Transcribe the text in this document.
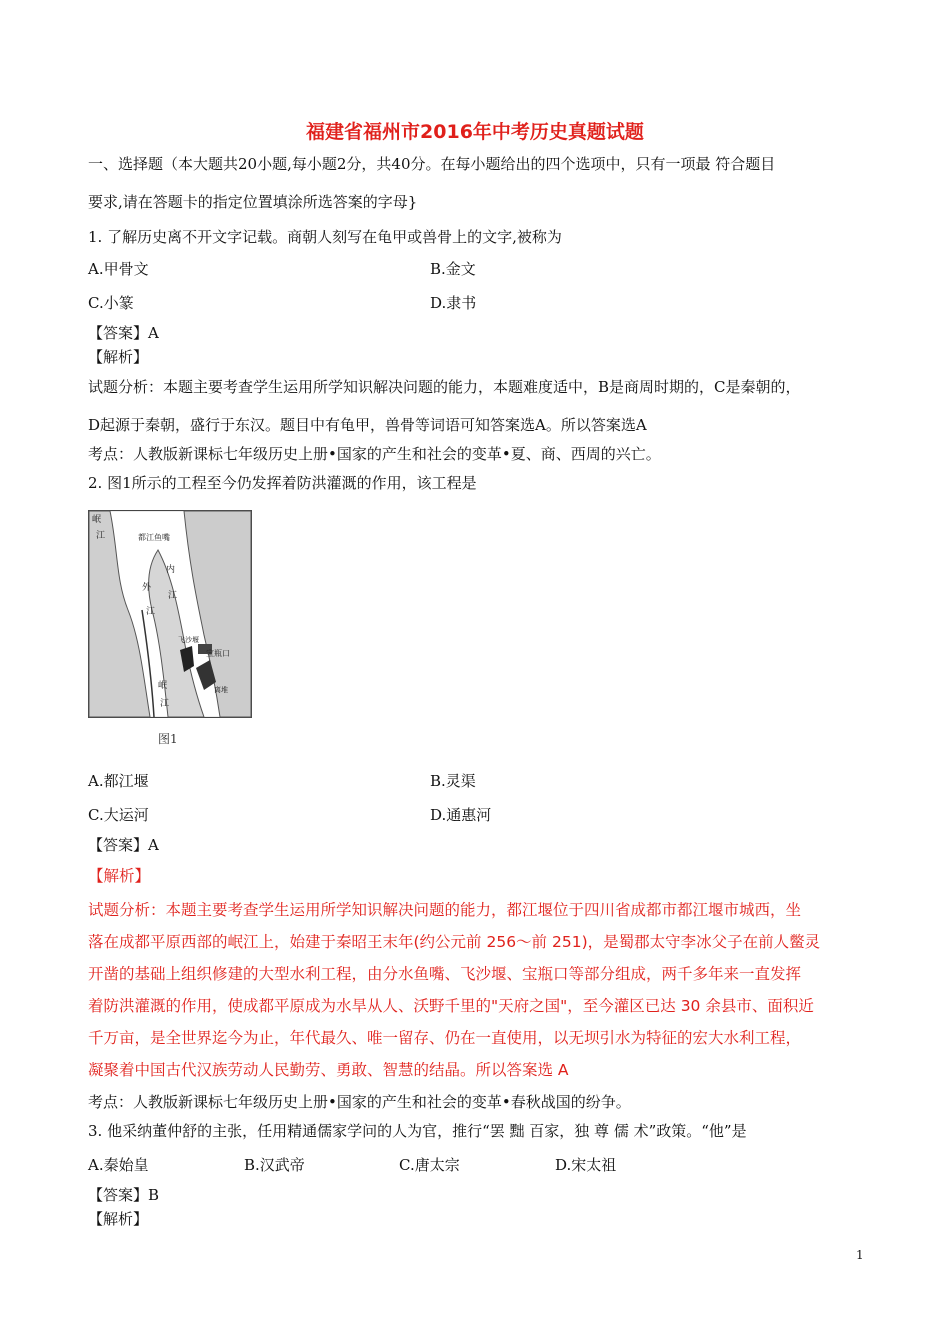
福建省福州市2016年中考历史真题试题
一、选择题（本大题共20小题,每小题2分，共40分。在每小题给出的四个选项中，只有一项最 符合题目
要求,请在答题卡的指定位置填涂所选答案的字母}
1. 了解历史离不开文字记载。商朝人刻写在龟甲或兽骨上的文字,被称为
A.甲骨文	B.金文
C.小篆	D.隶书
【答案】A
【解析】
试题分析：本题主要考查学生运用所学知识解决问题的能力，本题难度适中，B是商周时期的，C是秦朝的，
D起源于秦朝，盛行于东汉。题目中有龟甲，兽骨等词语可知答案选A。所以答案选A
考点：人教版新课标七年级历史上册•国家的产生和社会的变革•夏、商、西周的兴亡。
2. 图1所示的工程至今仍发挥着防洪灌溉的作用，该工程是
岷
江	都江鱼嘴
内
江
外
江
飞沙堰
宝瓶口
离堆
岷
江
图1
A.都江堰	B.灵渠
C.大运河	D.通惠河
【答案】A
【解析】
试题分析：本题主要考查学生运用所学知识解决问题的能力，都江堰位于四川省成都市都江堰市城西，坐
落在成都平原西部的岷江上，始建于秦昭王末年(约公元前 256～前 251)，是蜀郡太守李冰父子在前人鳖灵
开凿的基础上组织修建的大型水利工程，由分水鱼嘴、飞沙堰、宝瓶口等部分组成，两千多年来一直发挥
着防洪灌溉的作用，使成都平原成为水旱从人、沃野千里的"天府之国"，至今灌区已达 30 余县市、面积近
千万亩，是全世界迄今为止，年代最久、唯一留存、仍在一直使用，以无坝引水为特征的宏大水利工程，
凝聚着中国古代汉族劳动人民勤劳、勇敢、智慧的结晶。所以答案选 A
考点：人教版新课标七年级历史上册•国家的产生和社会的变革•春秋战国的纷争。
3. 他采纳董仲舒的主张，任用精通儒家学问的人为官，推行“罢 黜 百家，独 尊 儒 术”政策。“他”是
A.秦始皇	B.汉武帝	C.唐太宗	D.宋太祖
【答案】B
【解析】
1
